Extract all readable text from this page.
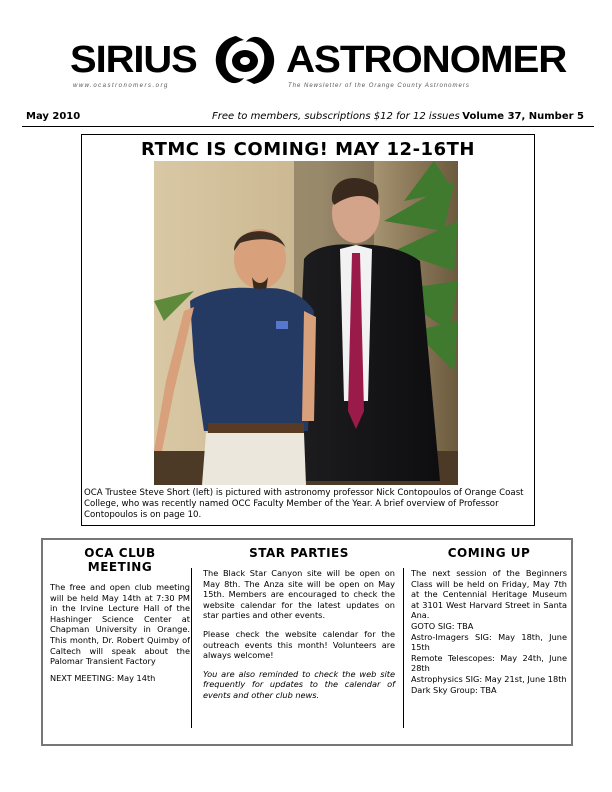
SIRIUS ASTRONOMER
www.ocastronomers.org	The Newsletter of the Orange County Astronomers
May 2010	Free to members, subscriptions $12 for 12 issues Volume 37, Number 5
RTMC IS COMING! MAY 12-16TH
OCA Trustee Steve Short (left) is pictured with astronomy professor Nick Contopoulos of Orange Coast College, who was recently named OCC Faculty Member of the Year. A brief overview of Professor Contopoulos is on page 10.
OCA CLUB MEETING

The free and open club meeting will be held May 14th at 7:30 PM in the Irvine Lecture Hall of the Hashinger Science Center at Chapman University in Orange. This month, Dr. Robert Quimby of Caltech will speak about the Palomar Transient Factory

NEXT MEETING: May 14th

STAR PARTIES

The Black Star Canyon site will be open on May 8th. The Anza site will be open on May 15th. Members are encouraged to check the website calendar for the latest updates on star parties and other events.

Please check the website calendar for the outreach events this month! Volunteers are always welcome!

You are also reminded to check the web site frequently for updates to the calendar of events and other club news.

COMING UP

The next session of the Beginners Class will be held on Friday, May 7th at the Centennial Heritage Museum at 3101 West Harvard Street in Santa Ana.

GOTO SIG: TBA

Astro-Imagers SIG: May 18th, June 15th

Remote Telescopes: May 24th, June 28th

Astrophysics SIG: May 21st, June 18th

Dark Sky Group: TBA
